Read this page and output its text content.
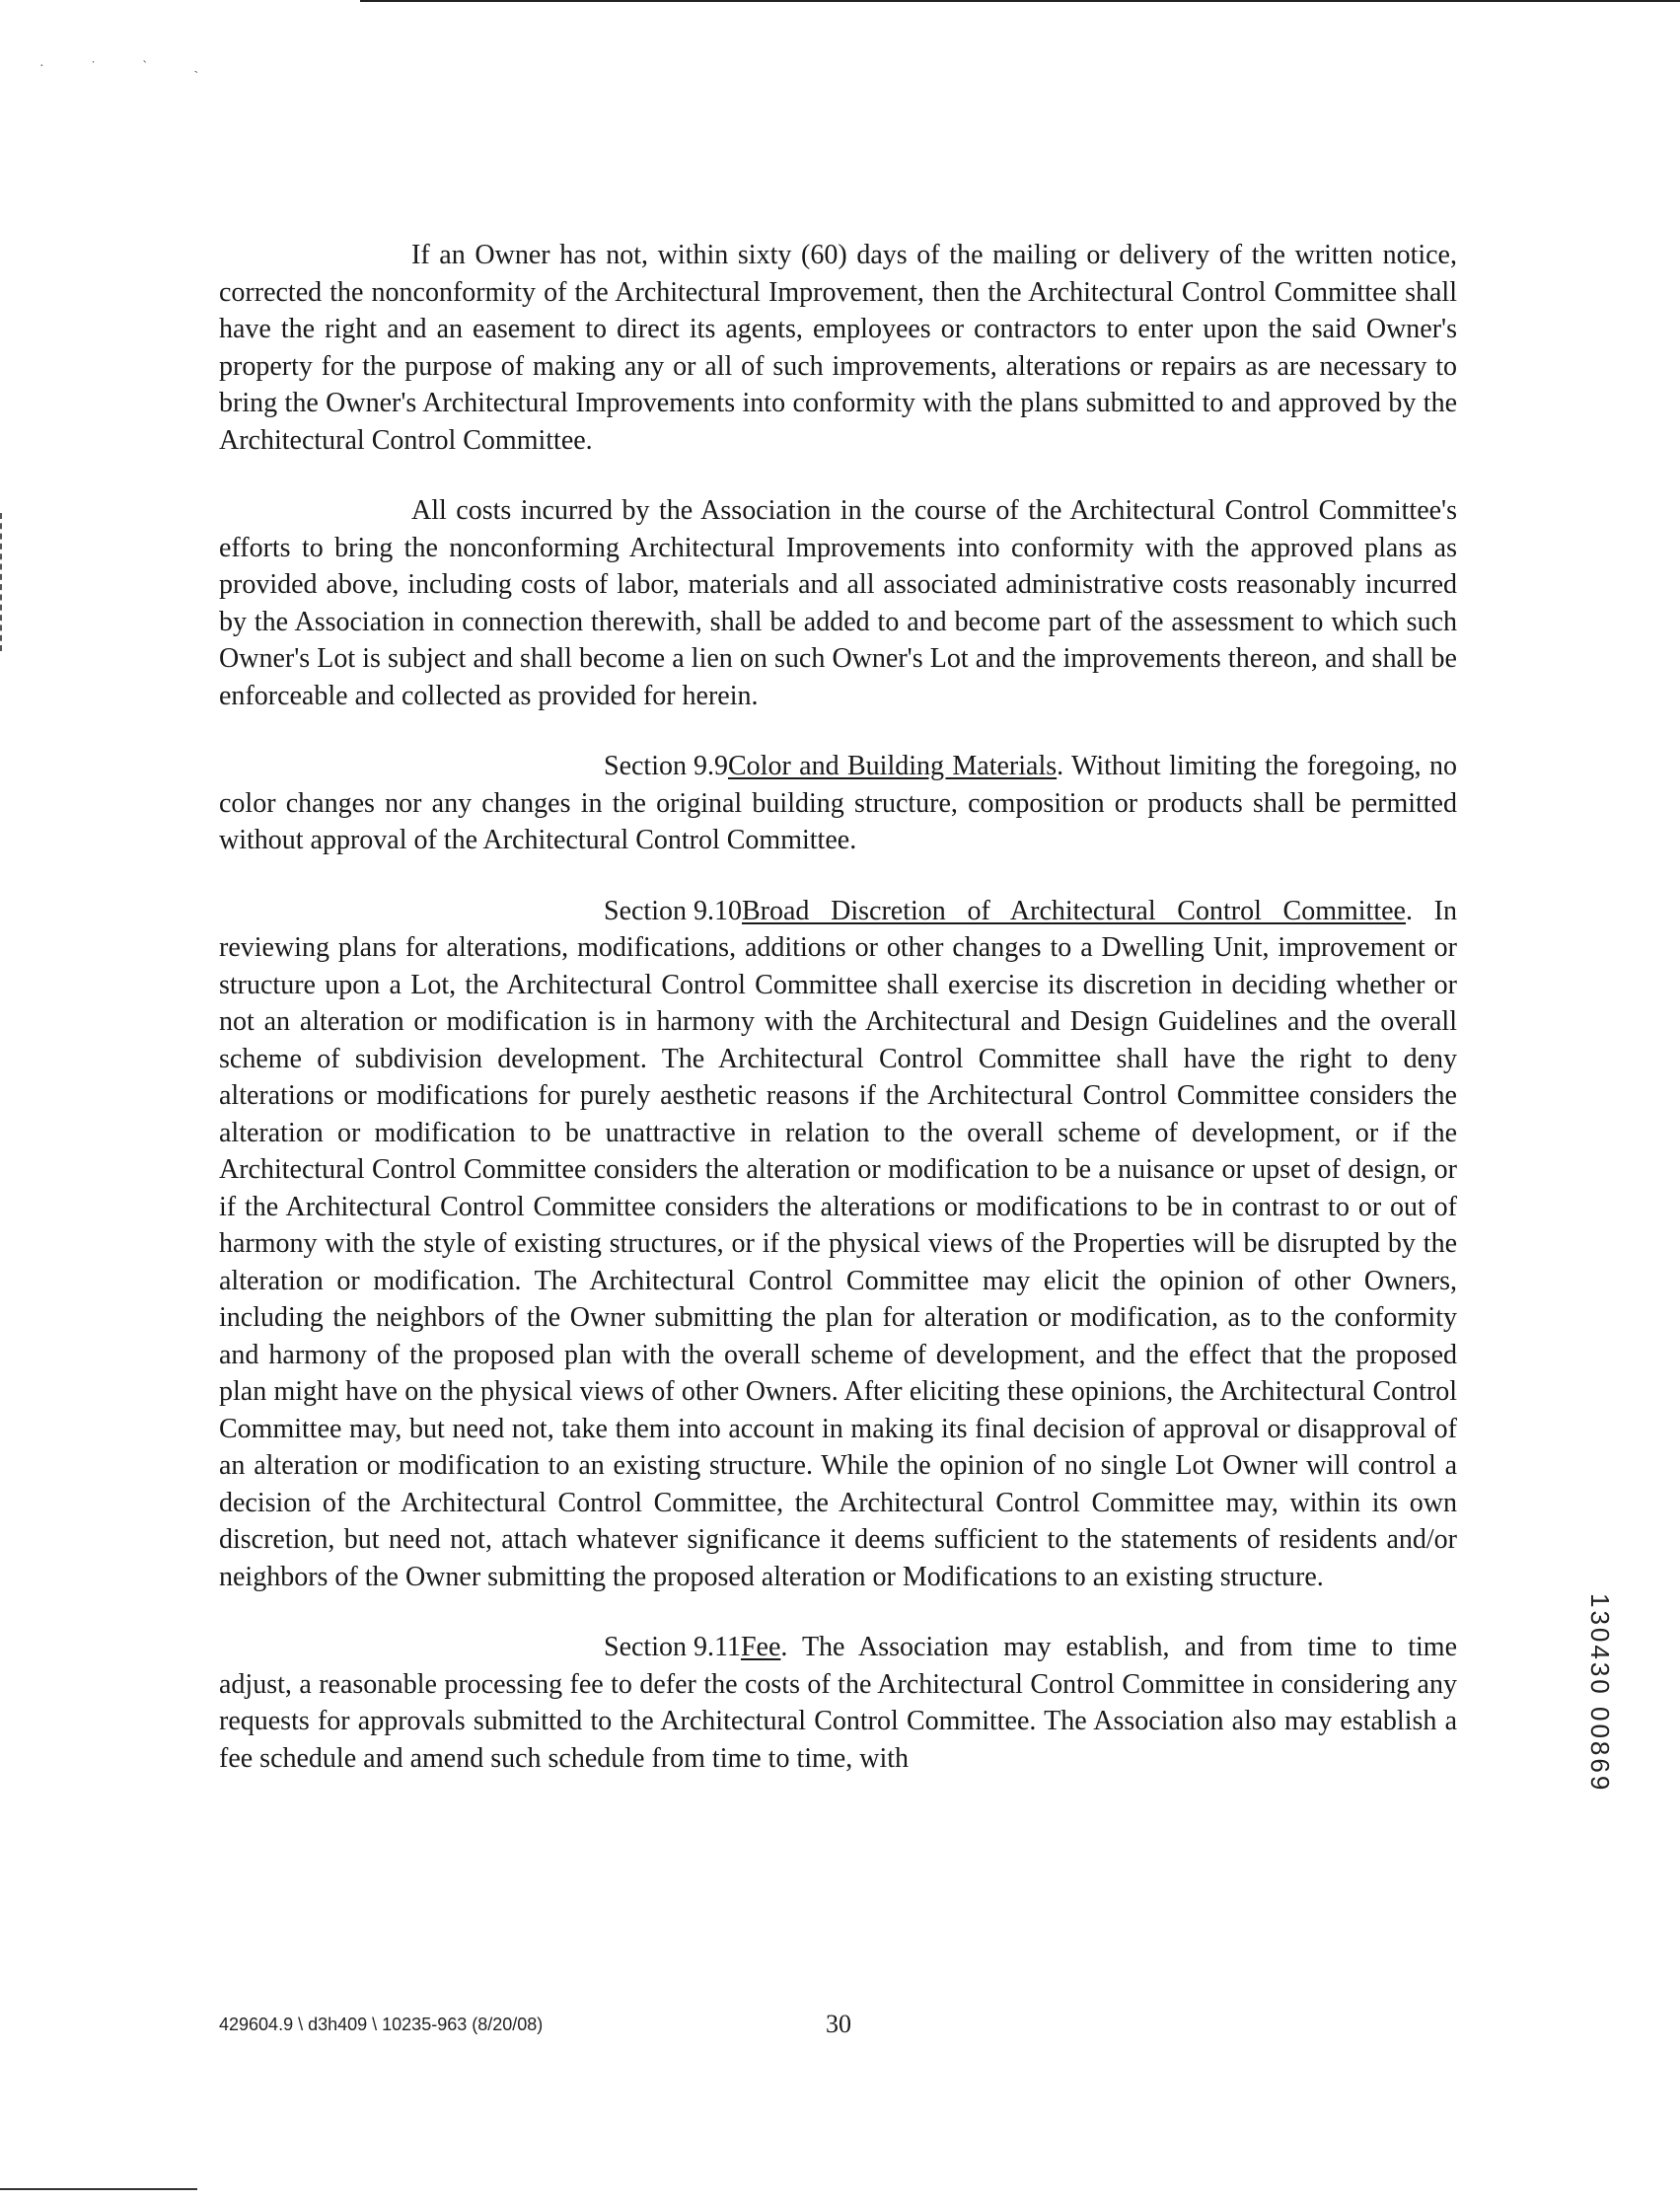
· ˙ ˋ ˏ

If an Owner has not, within sixty (60) days of the mailing or delivery of the written notice, corrected the nonconformity of the Architectural Improvement, then the Architectural Control Committee shall have the right and an easement to direct its agents, employees or contractors to enter upon the said Owner's property for the purpose of making any or all of such improvements, alterations or repairs as are necessary to bring the Owner's Architectural Improvements into conformity with the plans submitted to and approved by the Architectural Control Committee.

All costs incurred by the Association in the course of the Architectural Control Committee's efforts to bring the nonconforming Architectural Improvements into conformity with the approved plans as provided above, including costs of labor, materials and all associated administrative costs reasonably incurred by the Association in connection therewith, shall be added to and become part of the assessment to which such Owner's Lot is subject and shall become a lien on such Owner's Lot and the improvements thereon, and shall be enforceable and collected as provided for herein.

Section 9.9Color and Building Materials. Without limiting the foregoing, no color changes nor any changes in the original building structure, composition or products shall be permitted without approval of the Architectural Control Committee.

Section 9.10Broad Discretion of Architectural Control Committee. In reviewing plans for alterations, modifications, additions or other changes to a Dwelling Unit, improvement or structure upon a Lot, the Architectural Control Committee shall exercise its discretion in deciding whether or not an alteration or modification is in harmony with the Architectural and Design Guidelines and the overall scheme of subdivision development. The Architectural Control Committee shall have the right to deny alterations or modifications for purely aesthetic reasons if the Architectural Control Committee considers the alteration or modification to be unattractive in relation to the overall scheme of development, or if the Architectural Control Committee considers the alteration or modification to be a nuisance or upset of design, or if the Architectural Control Committee considers the alterations or modifications to be in contrast to or out of harmony with the style of existing structures, or if the physical views of the Properties will be disrupted by the alteration or modification. The Architectural Control Committee may elicit the opinion of other Owners, including the neighbors of the Owner submitting the plan for alteration or modification, as to the conformity and harmony of the proposed plan with the overall scheme of development, and the effect that the proposed plan might have on the physical views of other Owners. After eliciting these opinions, the Architectural Control Committee may, but need not, take them into account in making its final decision of approval or disapproval of an alteration or modification to an existing structure. While the opinion of no single Lot Owner will control a decision of the Architectural Control Committee, the Architectural Control Committee may, within its own discretion, but need not, attach whatever significance it deems sufficient to the statements of residents and/or neighbors of the Owner submitting the proposed alteration or Modifications to an existing structure.

Section 9.11Fee. The Association may establish, and from time to time adjust, a reasonable processing fee to defer the costs of the Architectural Control Committee in considering any requests for approvals submitted to the Architectural Control Committee. The Association also may establish a fee schedule and amend such schedule from time to time, with

429604.9 \ d3h409 \ 10235-963 (8/20/08)	30
130430 00869
